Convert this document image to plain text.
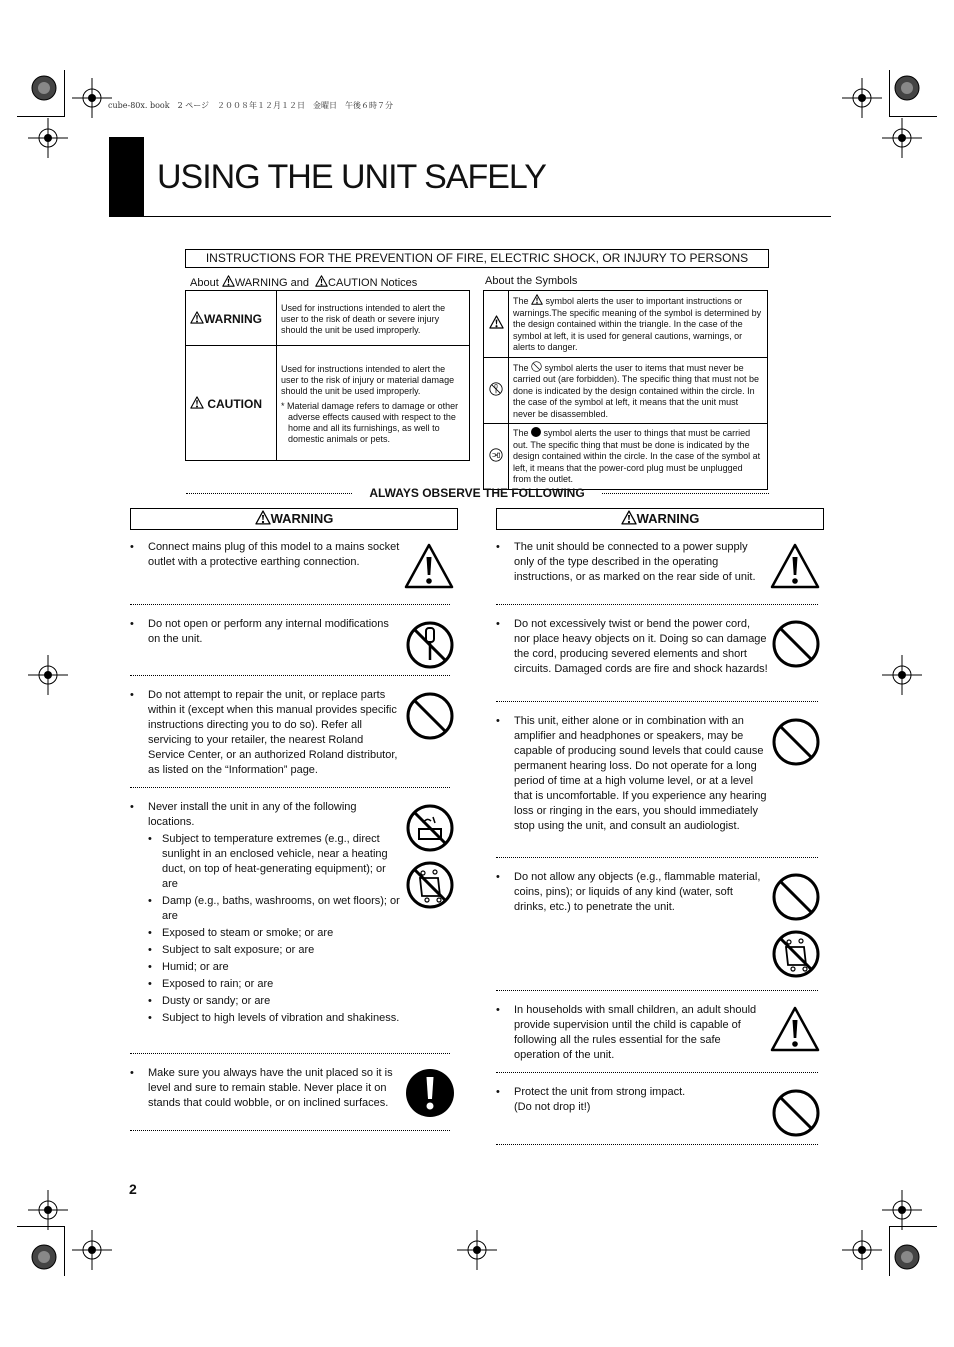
cube-80x. book　2 ページ　２００８年１２月１２日　金曜日　午後６時７分
USING THE UNIT SAFELY
INSTRUCTIONS FOR THE PREVENTION OF FIRE, ELECTRIC SHOCK, OR INJURY TO PERSONS
About WARNING and CAUTION Notices	About the Symbols
WARNING	Used for instructions intended to alert the user to the risk of death or severe injury should the unit be used improperly.
CAUTION	Used for instructions intended to alert the user to the risk of injury or material damage should the unit be used improperly.
* Material damage refers to damage or other adverse effects caused with respect to the home and all its furnishings, as well to domestic animals or pets.
	The symbol alerts the user to important instructions or warnings.The specific meaning of the symbol is determined by the design contained within the triangle. In the case of the symbol at left, it is used for general cautions, warnings, or alerts to danger.
	The symbol alerts the user to items that must never be carried out (are forbidden). The specific thing that must not be done is indicated by the design contained within the circle. In the case of the symbol at left, it means that the unit must never be disassembled.
	The symbol alerts the user to things that must be carried out. The specific thing that must be done is indicated by the design contained within the circle. In the case of the symbol at left, it means that the power-cord plug must be unplugged from the outlet.
ALWAYS OBSERVE THE FOLLOWING
WARNING	WARNING
• Connect mains plug of this model to a mains socket outlet with a protective earthing connection.
• Do not open or perform any internal modifications on the unit.
• Do not attempt to repair the unit, or replace parts within it (except when this manual provides specific instructions directing you to do so). Refer all servicing to your retailer, the nearest Roland Service Center, or an authorized Roland distributor, as listed on the “Information” page.
• Never install the unit in any of the following locations.
• Subject to temperature extremes (e.g., direct sunlight in an enclosed vehicle, near a heating duct, on top of heat-generating equipment); or are
• Damp (e.g., baths, washrooms, on wet floors); or are
• Exposed to steam or smoke; or are
• Subject to salt exposure; or are
• Humid; or are
• Exposed to rain; or are
• Dusty or sandy; or are
• Subject to high levels of vibration and shakiness.
• Make sure you always have the unit placed so it is level and sure to remain stable. Never place it on stands that could wobble, or on inclined surfaces.
• The unit should be connected to a power supply only of the type described in the operating instructions, or as marked on the rear side of unit.
• Do not excessively twist or bend the power cord, nor place heavy objects on it. Doing so can damage the cord, producing severed elements and short circuits. Damaged cords are fire and shock hazards!
• This unit, either alone or in combination with an amplifier and headphones or speakers, may be capable of producing sound levels that could cause permanent hearing loss. Do not operate for a long period of time at a high volume level, or at a level that is uncomfortable. If you experience any hearing loss or ringing in the ears, you should immediately stop using the unit, and consult an audiologist.
• Do not allow any objects (e.g., flammable material, coins, pins); or liquids of any kind (water, soft drinks, etc.) to penetrate the unit.
• In households with small children, an adult should provide supervision until the child is capable of following all the rules essential for the safe operation of the unit.
• Protect the unit from strong impact.
(Do not drop it!)
2
